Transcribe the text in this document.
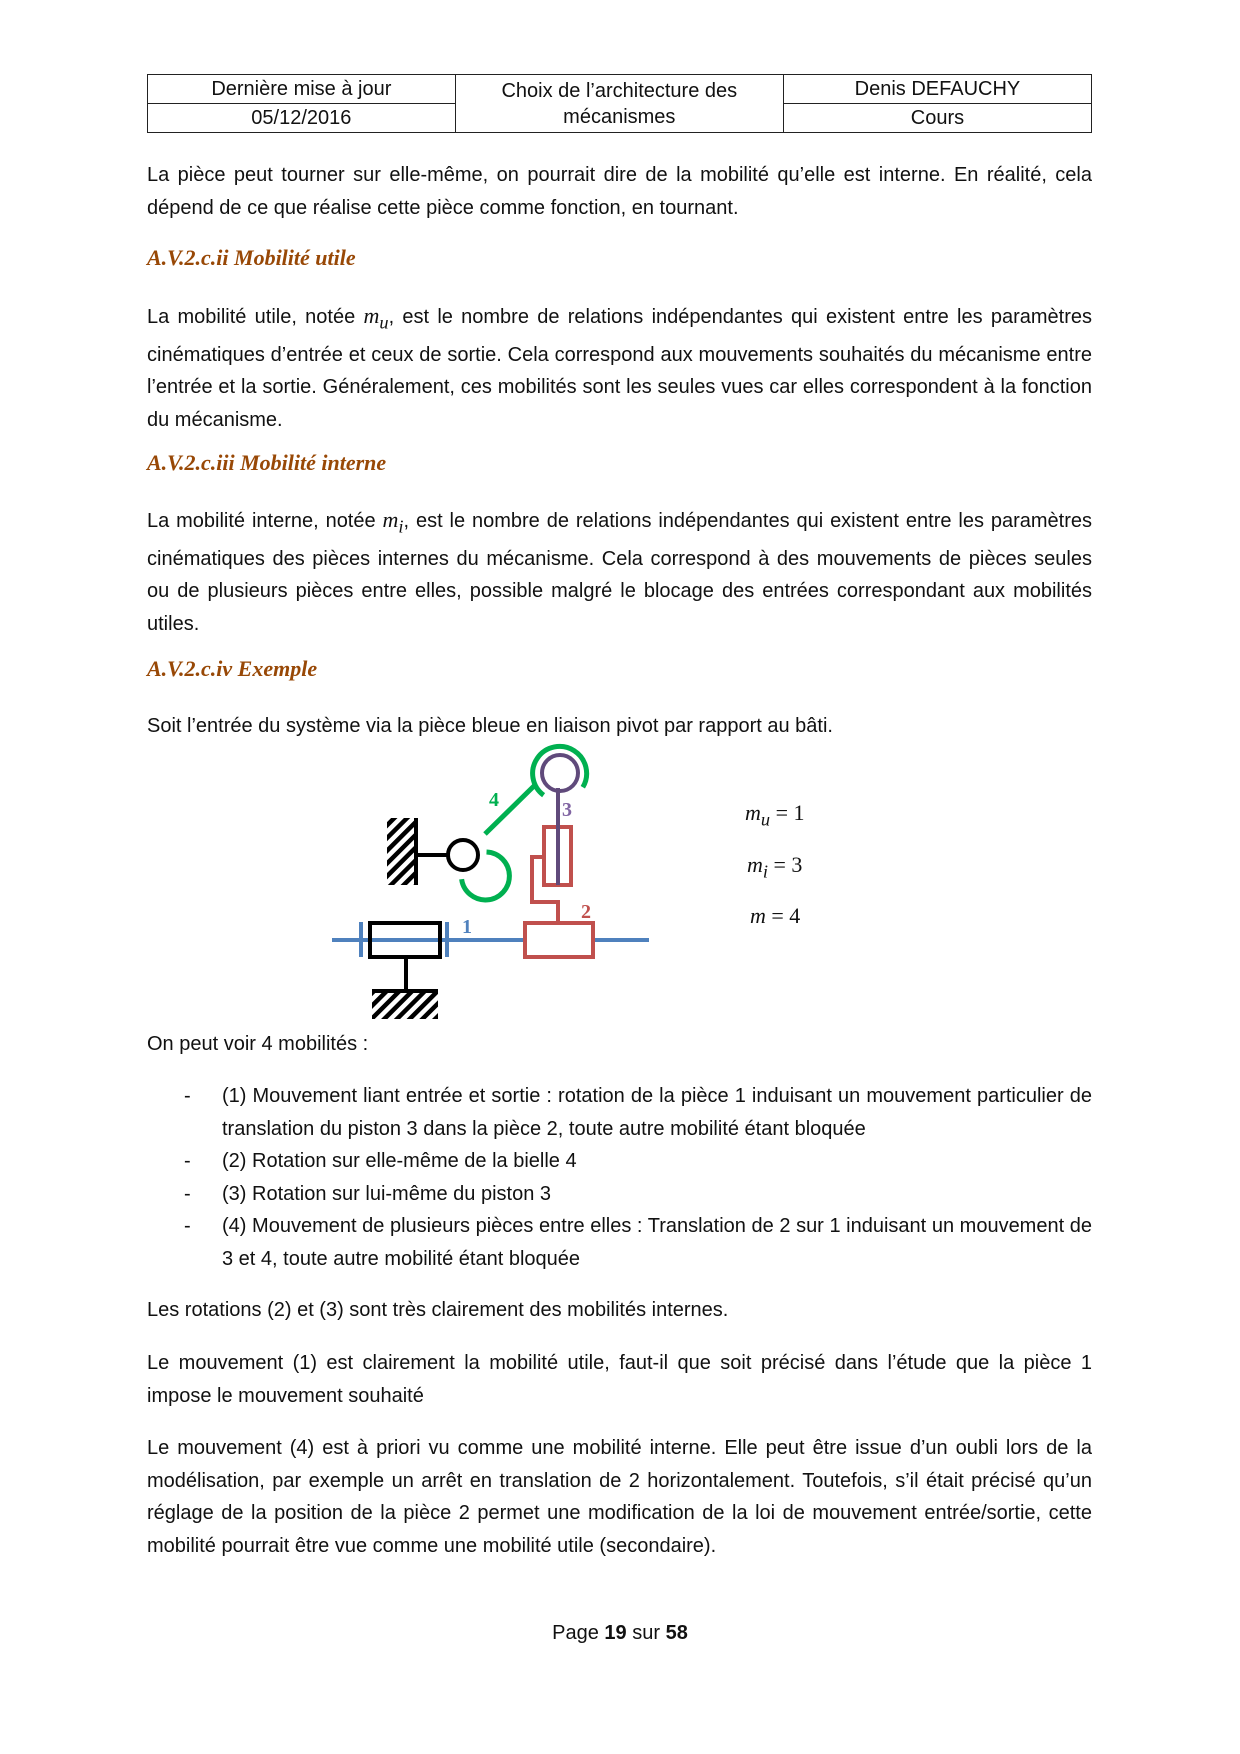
Dernière mise à jour	Choix de l’architecture des mécanismes	Denis DEFAUCHY
05/12/2016		Cours

La pièce peut tourner sur elle-même, on pourrait dire de la mobilité qu’elle est interne. En réalité, cela dépend de ce que réalise cette pièce comme fonction, en tournant.

A.V.2.c.ii Mobilité utile

La mobilité utile, notée $m_u$, est le nombre de relations indépendantes qui existent entre les paramètres cinématiques d’entrée et ceux de sortie. Cela correspond aux mouvements souhaités du mécanisme entre l’entrée et la sortie. Généralement, ces mobilités sont les seules vues car elles correspondent à la fonction du mécanisme.

A.V.2.c.iii Mobilité interne

La mobilité interne, notée $m_i$, est le nombre de relations indépendantes qui existent entre les paramètres cinématiques des pièces internes du mécanisme. Cela correspond à des mouvements de pièces seules ou de plusieurs pièces entre elles, possible malgré le blocage des entrées correspondant aux mobilités utiles.

A.V.2.c.iv Exemple
Soit l’entrée du système via la pièce bleue en liaison pivot par rapport au bâti.
1
2
3
4	$m_u = 1$
$m_i = 3$
m = 4
On peut voir 4 mobilités :
- (1) Mouvement liant entrée et sortie : rotation de la pièce 1 induisant un mouvement particulier de translation du piston 3 dans la pièce 2, toute autre mobilité étant bloquée
- (2) Rotation sur elle-même de la bielle 4
- (3) Rotation sur lui-même du piston 3
- (4) Mouvement de plusieurs pièces entre elles : Translation de 2 sur 1 induisant un mouvement de 3 et 4, toute autre mobilité étant bloquée
Les rotations (2) et (3) sont très clairement des mobilités internes.
Le mouvement (1) est clairement la mobilité utile, faut-il que soit précisé dans l’étude que la pièce 1 impose le mouvement souhaité
Le mouvement (4) est à priori vu comme une mobilité interne. Elle peut être issue d’un oubli lors de la modélisation, par exemple un arrêt en translation de 2 horizontalement. Toutefois, s’il était précisé qu’un réglage de la position de la pièce 2 permet une modification de la loi de mouvement entrée/sortie, cette mobilité pourrait être vue comme une mobilité utile (secondaire).
Page 19 sur 58
